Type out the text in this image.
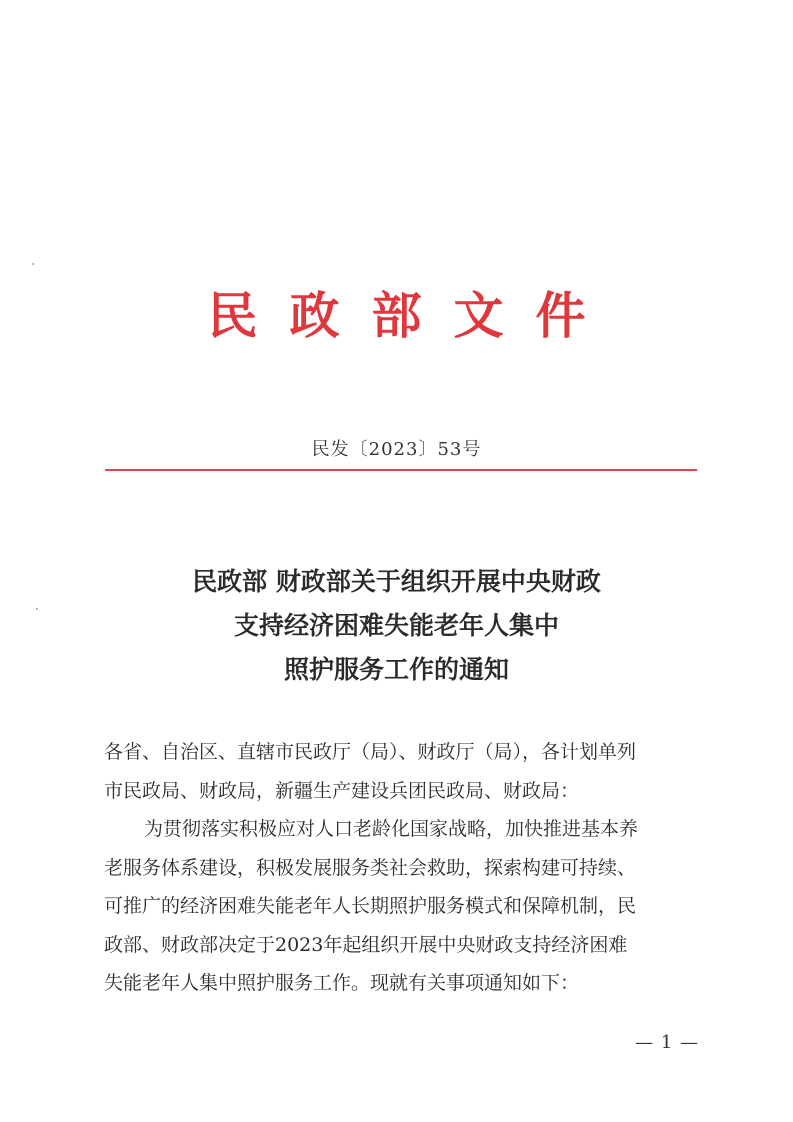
民政部文件
民发〔2023〕53号
民政部 财政部关于组织开展中央财政
支持经济困难失能老年人集中
照护服务工作的通知
各省、自治区、直辖市民政厅（局）、财政厅（局），各计划单列
市民政局、财政局，新疆生产建设兵团民政局、财政局：
为贯彻落实积极应对人口老龄化国家战略，加快推进基本养
老服务体系建设，积极发展服务类社会救助，探索构建可持续、
可推广的经济困难失能老年人长期照护服务模式和保障机制，民
政部、财政部决定于2023年起组织开展中央财政支持经济困难
失能老年人集中照护服务工作。现就有关事项通知如下：
— 1 —
